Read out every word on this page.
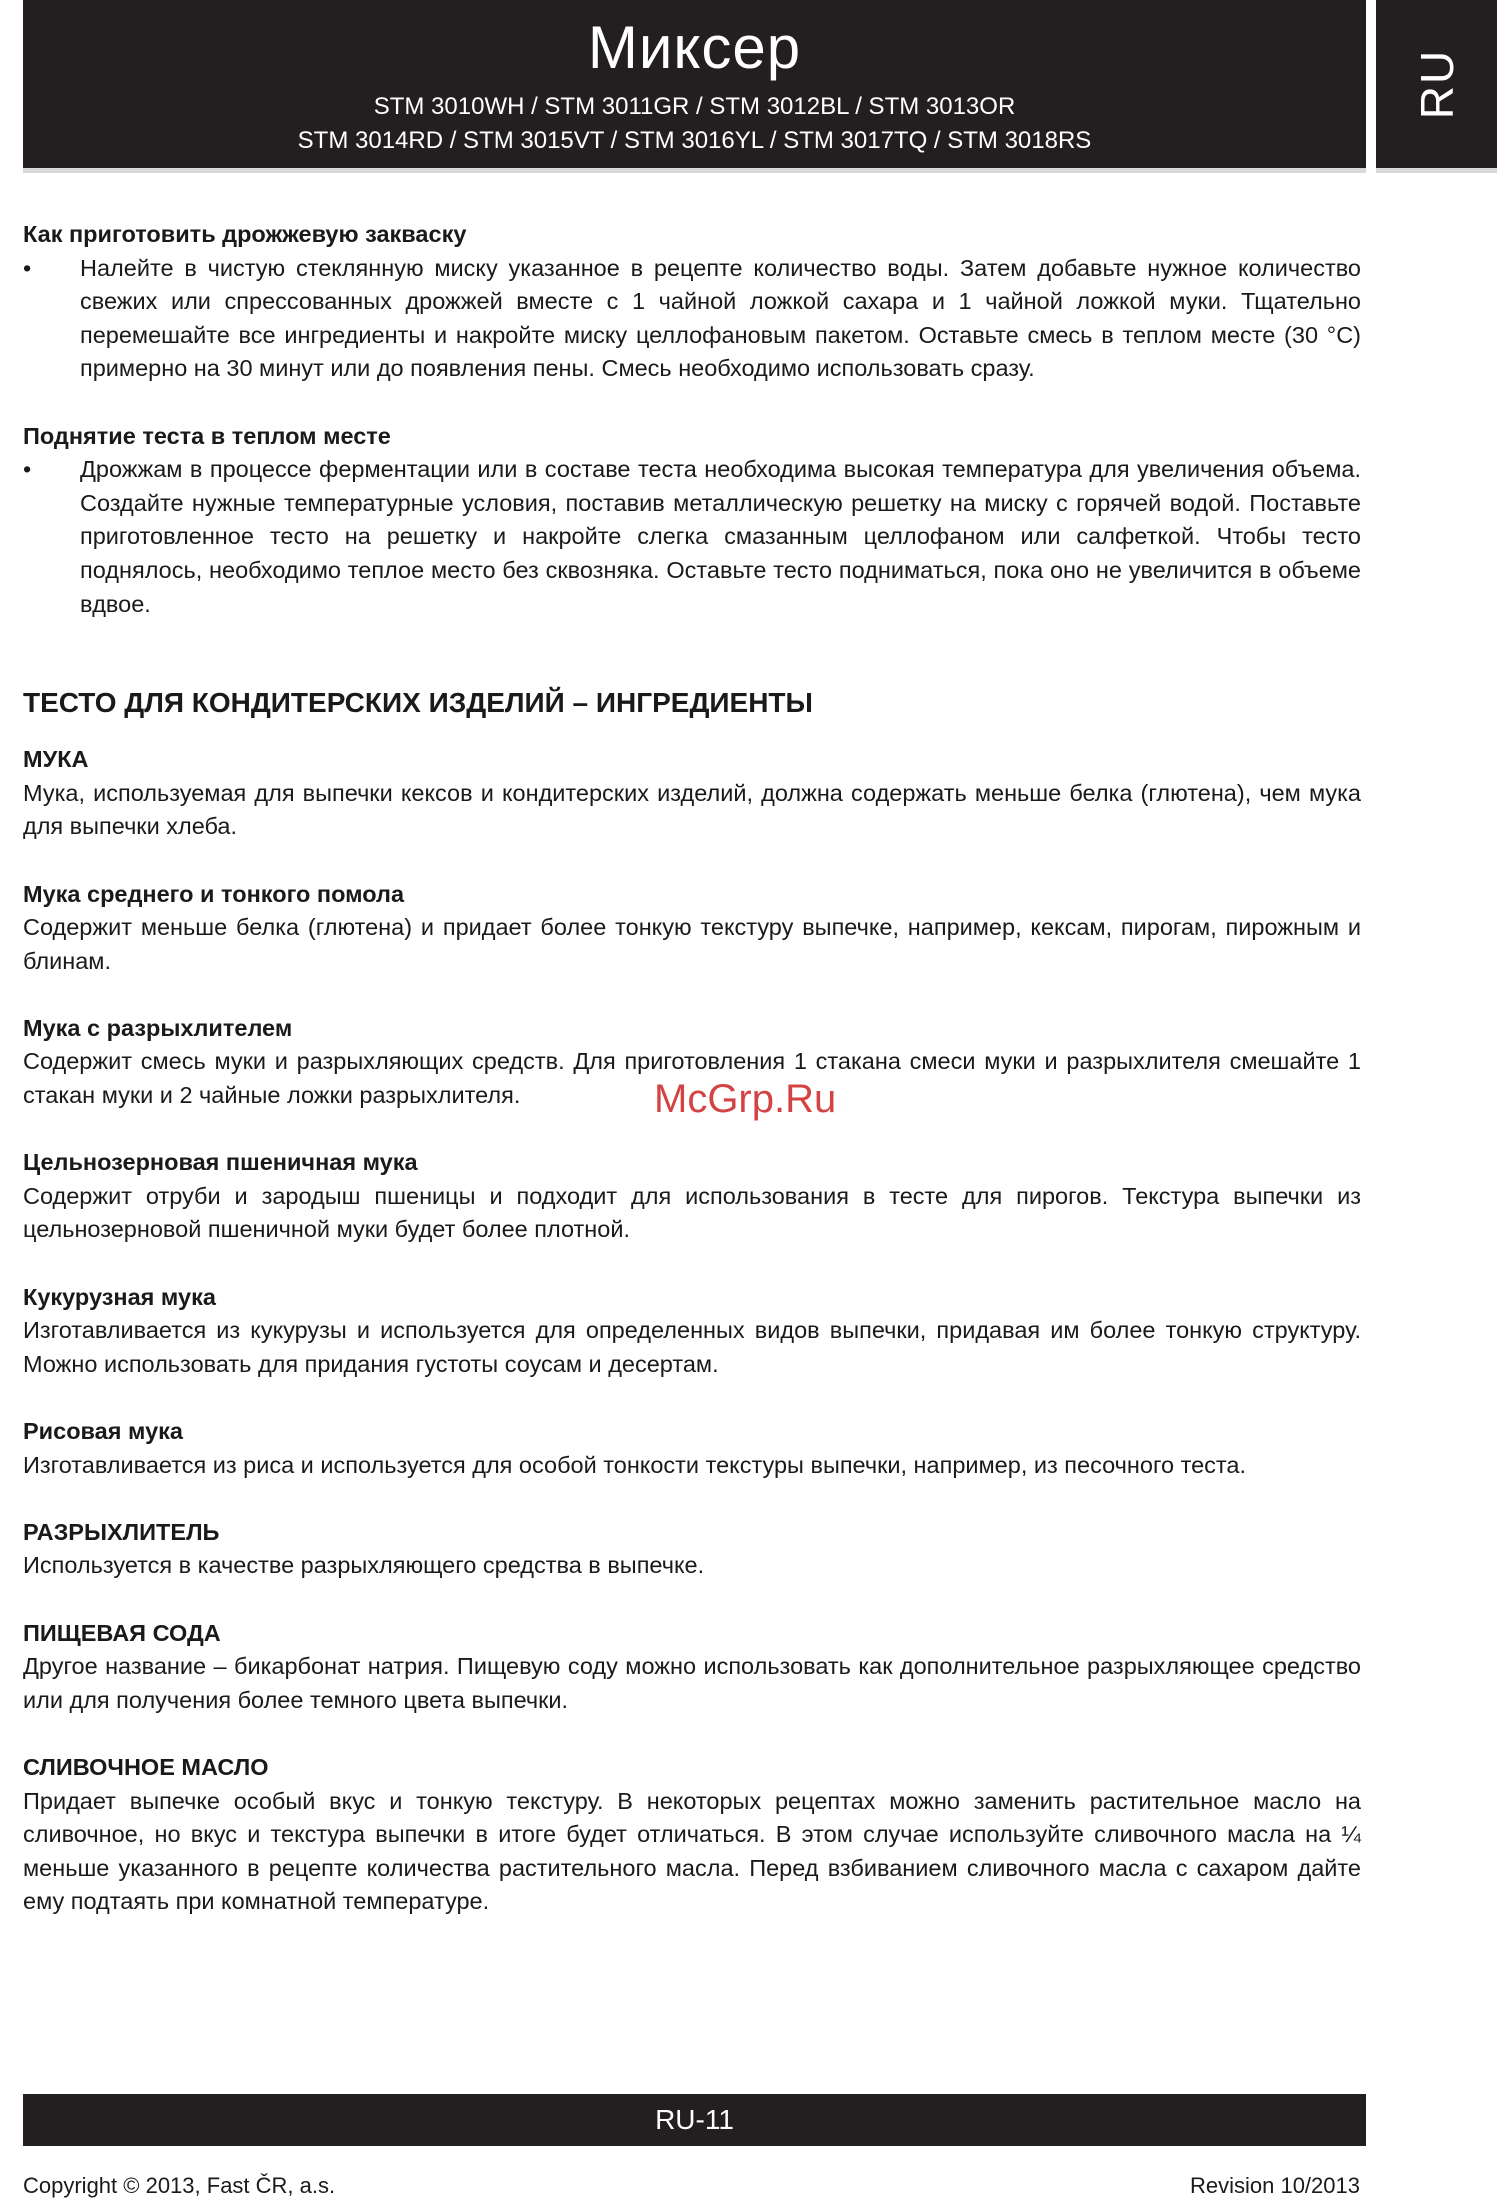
Миксер
STM 3010WH / STM 3011GR / STM 3012BL / STM 3013OR
STM 3014RD / STM 3015VT / STM 3016YL / STM 3017TQ / STM 3018RS
RU
Как приготовить дрожжевую закваску

• Налейте в чистую стеклянную миску указанное в рецепте количество воды. Затем добавьте нужное количество свежих или спрессованных дрожжей вместе с 1 чайной ложкой сахара и 1 чайной ложкой муки. Тщательно перемешайте все ингредиенты и накройте миску целлофановым пакетом. Оставьте смесь в теплом месте (30 °C) примерно на 30 минут или до появления пены. Смесь необходимо использовать сразу.

Поднятие теста в теплом месте

• Дрожжам в процессе ферментации или в составе теста необходима высокая температура для увеличения объема. Создайте нужные температурные условия, поставив металлическую решетку на миску с горячей водой. Поставьте приготовленное тесто на решетку и накройте слегка смазанным целлофаном или салфеткой. Чтобы тесто поднялось, необходимо теплое место без сквозняка. Оставьте тесто подниматься, пока оно не увеличится в объеме вдвое.

ТЕСТО ДЛЯ КОНДИТЕРСКИХ ИЗДЕЛИЙ – ИНГРЕДИЕНТЫ
МУКА

Мука, используемая для выпечки кексов и кондитерских изделий, должна содержать меньше белка (глютена), чем мука для выпечки хлеба.

Мука среднего и тонкого помола

Содержит меньше белка (глютена) и придает более тонкую текстуру выпечке, например, кексам, пирогам, пирожным и блинам.

Мука с разрыхлителем

Содержит смесь муки и разрыхляющих средств. Для приготовления 1 стакана смеси муки и разрыхлителя смешайте 1 стакан муки и 2 чайные ложки разрыхлителя.

Цельнозерновая пшеничная мука

Содержит отруби и зародыш пшеницы и подходит для использования в тесте для пирогов. Текстура выпечки из цельнозерновой пшеничной муки будет более плотной.

Кукурузная мука

Изготавливается из кукурузы и используется для определенных видов выпечки, придавая им более тонкую структуру. Можно использовать для придания густоты соусам и десертам.

Рисовая мука

Изготавливается из риса и используется для особой тонкости текстуры выпечки, например, из песочного теста.

РАЗРЫХЛИТЕЛЬ

Используется в качестве разрыхляющего средства в выпечке.

ПИЩЕВАЯ СОДА

Другое название – бикарбонат натрия. Пищевую соду можно использовать как дополнительное разрыхляющее средство или для получения более темного цвета выпечки.

СЛИВОЧНОЕ МАСЛО

Придает выпечке особый вкус и тонкую текстуру. В некоторых рецептах можно заменить растительное масло на сливочное, но вкус и текстура выпечки в итоге будет отличаться. В этом случае используйте сливочного масла на ¼ меньше указанного в рецепте количества растительного масла. Перед взбиванием сливочного масла с сахаром дайте ему подтаять при комнатной температуре.

McGrp.Ru
RU-11
Copyright © 2013, Fast ČR, a.s.	Revision 10/2013
